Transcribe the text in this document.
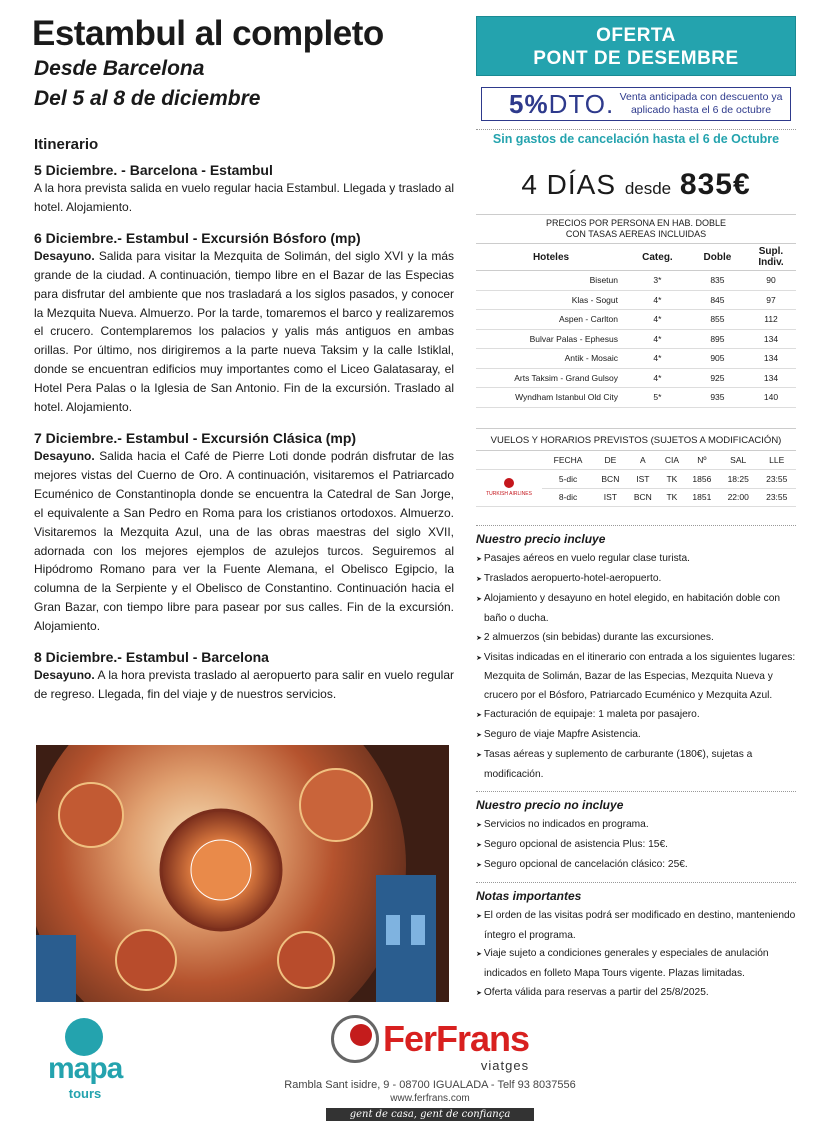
Estambul al completo
Desde Barcelona
Del 5 al 8 de diciembre
Itinerario
5 Diciembre. - Barcelona - Estambul
A la hora prevista salida en vuelo regular hacia Estambul. Llegada y traslado al hotel. Alojamiento.
6 Diciembre.- Estambul - Excursión Bósforo (mp)
Desayuno. Salida para visitar la Mezquita de Solimán, del siglo XVI y la más grande de la ciudad. A continuación, tiempo libre en el Bazar de las Especias para disfrutar del ambiente que nos trasladará a los siglos pasados, y conocer la Mezquita Nueva. Almuerzo. Por la tarde, tomaremos el barco y realizaremos el crucero. Contemplaremos los palacios y yalis más antiguos en ambas orillas. Por último, nos dirigiremos a la parte nueva Taksim y la calle Istiklal, donde se encuentran edificios muy importantes como el Liceo Galatasaray, el Hotel Pera Palas o la Iglesia de San Antonio. Fin de la excursión. Traslado al hotel. Alojamiento.
7 Diciembre.- Estambul - Excursión Clásica (mp)
Desayuno. Salida hacia el Café de Pierre Loti donde podrán disfrutar de las mejores vistas del Cuerno de Oro. A continuación, visitaremos el Patriarcado Ecuménico de Constantinopla donde se encuentra la Catedral de San Jorge, el equivalente a San Pedro en Roma para los cristianos ortodoxos. Almuerzo. Visitaremos la Mezquita Azul, una de las obras maestras del siglo XVII, adornada con los mejores ejemplos de azulejos turcos. Seguiremos al Hipódromo Romano para ver la Fuente Alemana, el Obelisco Egipcio, la columna de la Serpiente y el Obelisco de Constantino. Continuación hacia el Gran Bazar, con tiempo libre para pasear por sus calles. Fin de la excursión. Alojamiento.
8 Diciembre.- Estambul - Barcelona
Desayuno. A la hora prevista traslado al aeropuerto para salir en vuelo regular de regreso. Llegada, fin del viaje y de nuestros servicios.
OFERTA
PONT DE DESEMBRE
5%DTO. Venta anticipada con descuento ya aplicado hasta el 6 de octubre
Sin gastos de cancelación hasta el 6 de Octubre
4 DÍAS desde 835€
PRECIOS POR PERSONA EN HAB. DOBLE
CON TASAS AEREAS INCLUIDAS
Hoteles	Categ.	Doble	Supl.
Indiv.
Bisetun	3*	835	90
Klas - Sogut	4*	845	97
Aspen - Carlton	4*	855	112
Bulvar Palas - Ephesus	4*	895	134
Antik - Mosaic	4*	905	134
Arts Taksim - Grand Gulsoy	4*	925	134
Wyndham Istanbul Old City	5*	935	140
VUELOS Y HORARIOS PREVISTOS (SUJETOS A MODIFICACIÓN)
	FECHA	DE	A	CIA	Nº	SAL	LLE

TURKISH AIRLINES	5-dic	BCN	IST	TK	1856	18:25	23:55
	8-dic	IST	BCN	TK	1851	22:00	23:55
Nuestro precio incluye
➤ Pasajes aéreos en vuelo regular clase turista.
➤ Traslados aeropuerto-hotel-aeropuerto.
➤ Alojamiento y desayuno en hotel elegido, en habitación doble con baño o ducha.
➤ 2 almuerzos (sin bebidas) durante las excursiones.
➤ Visitas indicadas en el itinerario con entrada a los siguientes lugares: Mezquita de Solimán, Bazar de las Especias, Mezquita Nueva y crucero por el Bósforo, Patriarcado Ecuménico y Mezquita Azul.
➤ Facturación de equipaje: 1 maleta por pasajero.
➤ Seguro de viaje Mapfre Asistencia.
➤ Tasas aéreas y suplemento de carburante (180€), sujetas a modificación.
Nuestro precio no incluye
➤ Servicios no indicados en programa.
➤ Seguro opcional de asistencia Plus: 15€.
➤ Seguro opcional de cancelación clásico: 25€.
Notas importantes
➤ El orden de las visitas podrá ser modificado en destino, manteniendo íntegro el programa.
➤ Viaje sujeto a condiciones generales y especiales de anulación indicados en folleto Mapa Tours vigente. Plazas limitadas.
➤ Oferta válida para reservas a partir del 25/8/2025.
mapa
tours
FerFrans
viatges
Rambla Sant isidre, 9 - 08700 IGUALADA - Telf 93 8037556
www.ferfrans.com
gent de casa, gent de confiança
